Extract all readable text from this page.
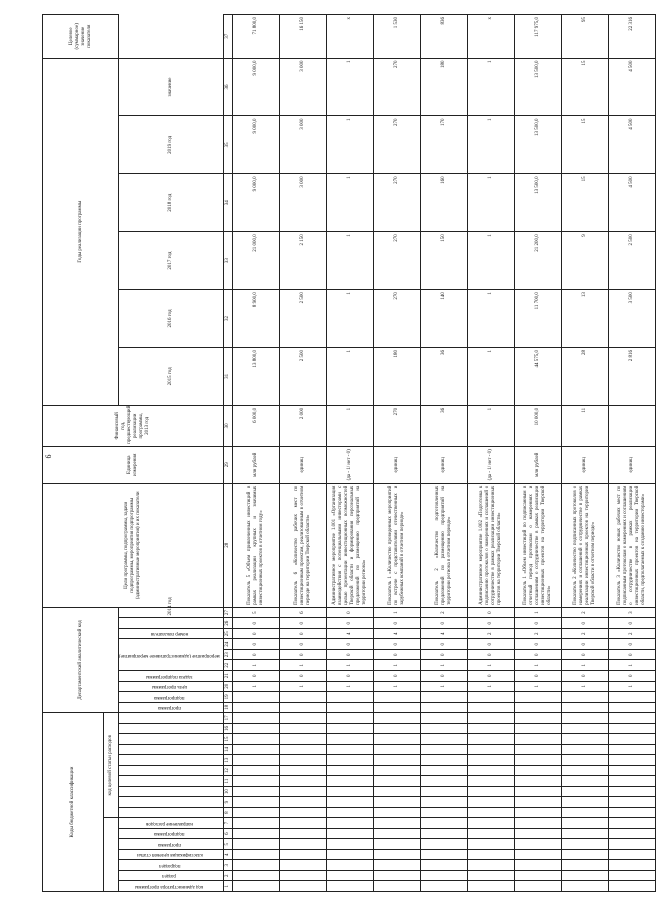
9
Коды бюджетной классификации																	Департаментский аналитический код										Цели программы, подпрограммы, задачи подпрограммы, мероприятия подпрограммы (административные мероприятия) и их показатели	Единица измерения	Финансовый год, предшествующий реализации программы, 2013 год	Годы реализации программы						Целевое (суммарное) значение показателя
							код целевой статьи расходов																													
код администратора программы	раздел	подраздел	классификация целевой статьи	программа	подпрограмма	направление расходов											программа	подпрограмма	цель программы	задача подпрограммы	мероприятие (административное мероприятие)			номер показателя		2014 год				2015 год	2016 год	2017 год	2018 год	2019 год	значение	
1	2	3	4	5	6	7	8	9	10	11	12	13	14	15	16	17	18	19	20	21	22	23	24	25	26	27	28	29	30	31	32	33	34	35	36	37
																			1	0	1	0	0	0	0	5	Показатель 5 «Объем привлеченных инвестиций в рамках реализации крупных и значимых инвестиционных проектов в отчетном году»	млн рублей	6 000,0	13 800,0	8 900,0	21 000,0	9 000,0	9 000,0	9 000,0	71 800,0
																			1	0	1	0	0	0	0	6	Показатель 6 «Количество рабочих мест по инвестиционным проектам, реализованным в отчетном периоде на территории Тверской области»	единиц	2 000	2 500	2 500	2 150	3 000	3 000	3 000	16 150
																			1	0	1	0	0	4	0	0	Административное мероприятие 1.001 «Организация взаимодействия с потенциальными инвесторами с целью презентации инвестиционных возможностей Тверской области и формирования персональных предложений по размещению предприятий на территории региона»	(да - 1/ нет - 0)	1	1	1	1	1	1	1	х
																			1	0	1	0	0	4	0	1	Показатель 1 «Количество проведенных мероприятий по встрече с представителями отечественных и зарубежных компаний в отчетном периоде»	единиц	270	180	270	270	270	270	270	1 530
																			1	0	1	0	0	4	0	2	Показатель 2 «Количество подготовленных предложений по размещению предприятий на территории региона в отчетном периоде»	единиц	36	36	140	150	160	170	180	836
																			1	0	1	0	0	2	0	0	Административное мероприятие 1.002 «Подготовка к подписанию протоколов о намерениях и соглашений о сотрудничестве в рамках реализации инвестиционных проектов на территории Тверской области»	(да - 1/ нет - 0)	1	1	1	1	1	1	1	х
																			1	0	1	0	0	2	0	1	Показатель 1 «Объем инвестиций по подписанным в отчетный период протоколам о намерениях и соглашениям о сотрудничестве в рамках реализации инвестиционных проектов на территории Тверской области»	млн рублей	10 000,0	44 575,0	11 700,0	21 200,0	13 500,0	13 500,0	13 500,0	117 975,0
																			1	0	1	0	0	2	0	2	Показатель 2 «Количество подписанных протоколов о намерениях и соглашений о сотрудничестве в рамках реализации инвестиционных проектов на территории Тверской области в отчетном периоде»	единиц	11	28	13	9	15	15	15	95
																			1	0	1	0	0	2	0	3	Показатель 3 «Количество новых рабочих мест по подписанным протоколам о намерениях и соглашениям о сотрудничестве в рамках реализации инвестиционных проектов на территории Тверской области, предполагаемых к созданию инвесторами»	единиц		2 816	3 500	2 500	4 500	4 500	4 500	22 316
